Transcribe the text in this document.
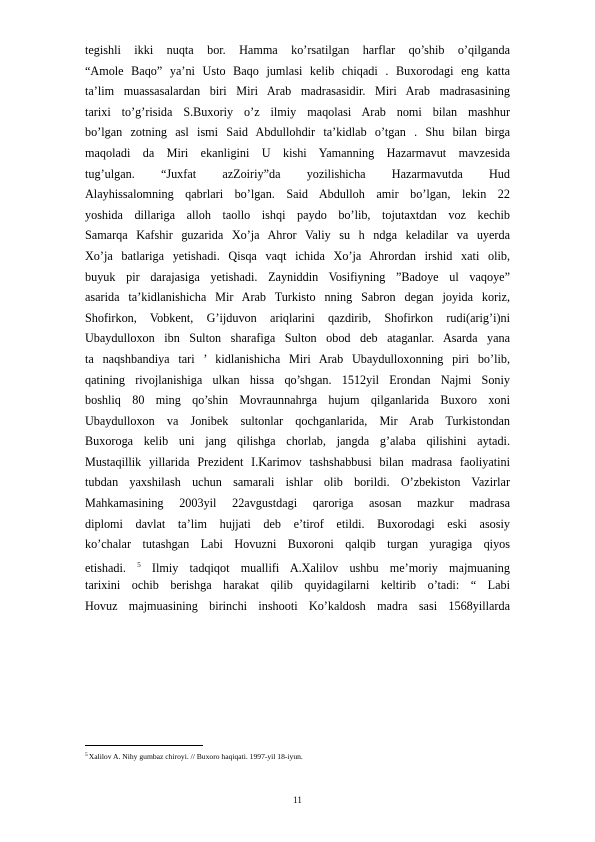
tegishli ikki nuqta bor. Hamma ko’rsatilgan harflar qo’shib o’qilganda
“Amole Baqo” ya’ni Usto Baqo jumlasi kelib chiqadi . Buxorodagi eng katta
ta’lim muassasalardan biri Miri Arab madrasasidir. Miri Arab madrasasining
tarixi to’g’risida S.Buxoriy o’z ilmiy maqolasi Arab nomi bilan mashhur
bo’lgan zotning asl ismi Said Abdullohdir ta’kidlab o’tgan . Shu bilan birga
maqoladi da Miri ekanligini U kishi Yamanning Hazarmavut mavzesida
tug’ulgan. “Juxfat azZoiriy”da yozilishicha Hazarmavutda Hud
Alayhissalomning qabrlari bo’lgan. Said Abdulloh amir bo’lgan, lekin 22
yoshida dillariga alloh taollo ishqi paydo bo’lib, tojutaxtdan voz kechib
Samarqa Kafshir guzarida Xo’ja Ahror Valiy su h ndga keladilar va uyerda
Xo’ja batlariga yetishadi. Qisqa vaqt ichida Xo’ja Ahrordan irshid xati olib,
buyuk pir darajasiga yetishadi. Zayniddin Vosifiyning ”Badoye ul vaqoye”
asarida ta’kidlanishicha Mir Arab Turkisto nning Sabron degan joyida koriz,
Shofirkon, Vobkent, G’ijduvon ariqlarini qazdirib, Shofirkon rudi(arig’i)ni
Ubaydulloxon ibn Sulton sharafiga Sulton obod deb ataganlar. Asarda yana
ta naqshbandiya tari ’ kidlanishicha Miri Arab Ubaydulloxonning piri bo’lib,
qatining rivojlanishiga ulkan hissa qo’shgan. 1512yil Erondan Najmi Soniy
boshliq 80 ming qo’shin Movraunnahrga hujum qilganlarida Buxoro xoni
Ubaydulloxon va Jonibek sultonlar qochganlarida, Mir Arab Turkistondan
Buxoroga kelib uni jang qilishga chorlab, jangda g’alaba qilishini aytadi.
Mustaqillik yillarida Prezident I.Karimov tashshabbusi bilan madrasa faoliyatini
tubdan yaxshilash uchun samarali ishlar olib borildi. O’zbekiston Vazirlar
Mahkamasining 2003yil 22avgustdagi qaroriga asosan mazkur madrasa
diplomi davlat ta’lim hujjati deb e’tirof etildi. Buxorodagi eski asosiy
ko’chalar tutashgan Labi Hovuzni Buxoroni qalqib turgan yuragiga qiyos
etishadi. $^5$ Ilmiy tadqiqot muallifi A.Xalilov ushbu me’moriy majmuaning
tarixini ochib berishga harakat qilib quyidagilarni keltirib o’tadi: “ Labi
Hovuz majmuasining birinchi inshooti Ko’kaldosh madra sasi 1568yillarda
$^5$Xalilov A. Nihy gumbaz chiroyi. // Buxoro haqiqati. 1997-yil 18-iyun.
11
